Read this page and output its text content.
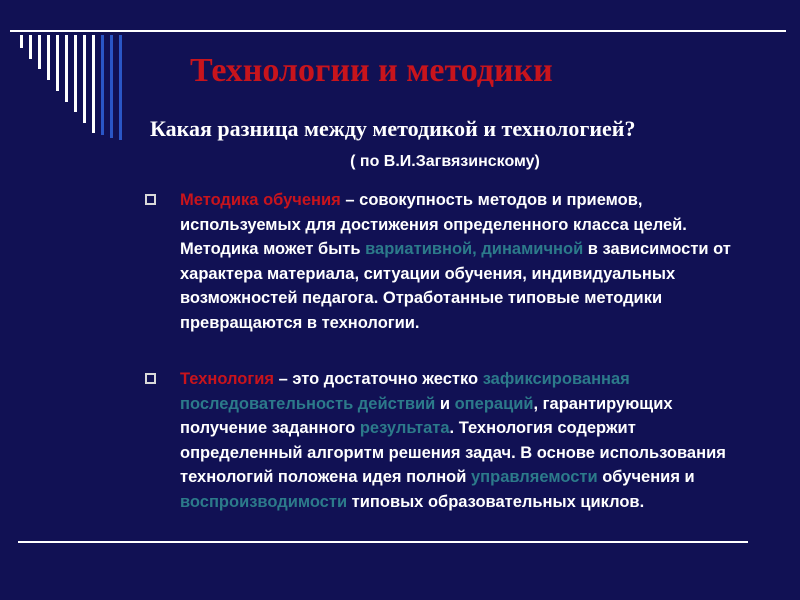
Технологии и методики
Какая разница между методикой и технологией?
( по В.И.Загвязинскому)
Методика обучения – совокупность методов и приемов, используемых для достижения определенного класса целей. Методика может быть вариативной, динамичной в зависимости от характера материала, ситуации обучения, индивидуальных возможностей педагога. Отработанные типовые методики превращаются в технологии.
Технология – это достаточно жестко зафиксированная последовательность действий и операций, гарантирующих получение заданного результата. Технология содержит определенный алгоритм решения задач. В основе использования технологий положена идея полной управляемости обучения и воспроизводимости типовых образовательных циклов.
